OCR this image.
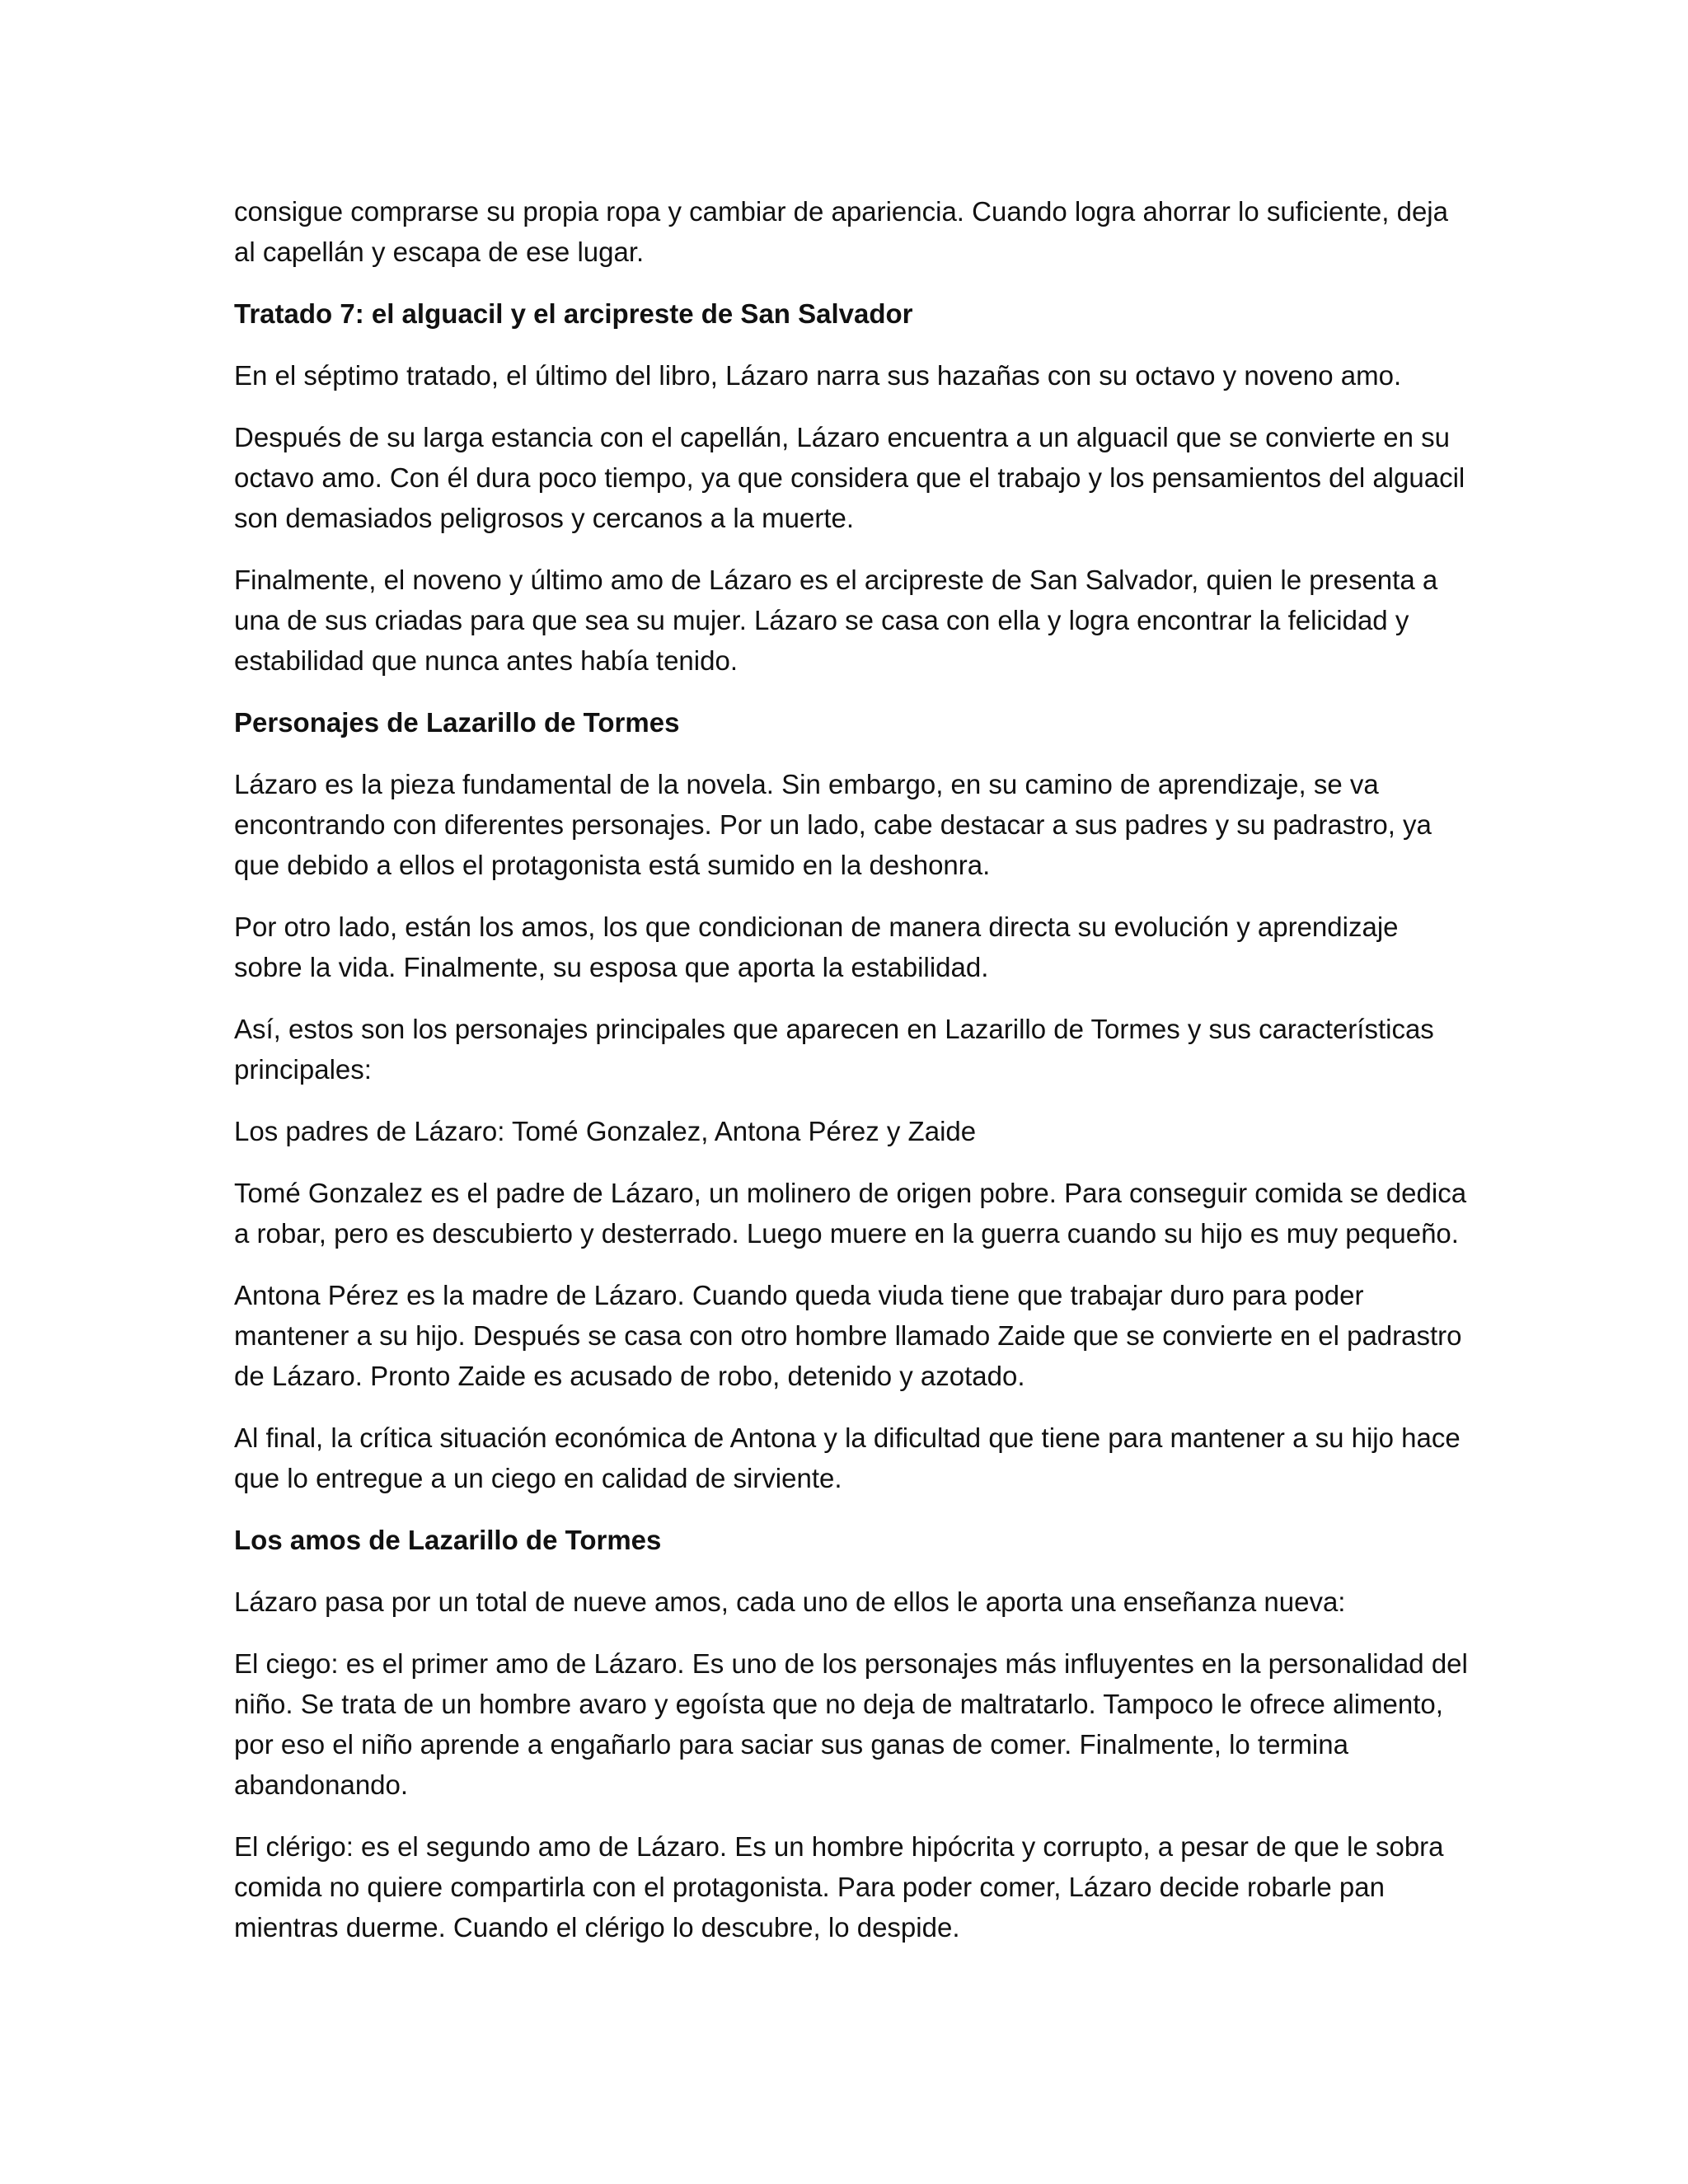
consigue comprarse su propia ropa y cambiar de apariencia. Cuando logra ahorrar lo suficiente, deja al capellán y escapa de ese lugar.

Tratado 7: el alguacil y el arcipreste de San Salvador

En el séptimo tratado, el último del libro, Lázaro narra sus hazañas con su octavo y noveno amo.

Después de su larga estancia con el capellán, Lázaro encuentra a un alguacil que se convierte en su octavo amo. Con él dura poco tiempo, ya que considera que el trabajo y los pensamientos del alguacil son demasiados peligrosos y cercanos a la muerte.

Finalmente, el noveno y último amo de Lázaro es el arcipreste de San Salvador, quien le presenta a una de sus criadas para que sea su mujer. Lázaro se casa con ella y logra encontrar la felicidad y estabilidad que nunca antes había tenido.

Personajes de Lazarillo de Tormes

Lázaro es la pieza fundamental de la novela. Sin embargo, en su camino de aprendizaje, se va encontrando con diferentes personajes. Por un lado, cabe destacar a sus padres y su padrastro, ya que debido a ellos el protagonista está sumido en la deshonra.

Por otro lado, están los amos, los que condicionan de manera directa su evolución y aprendizaje sobre la vida. Finalmente, su esposa que aporta la estabilidad.

Así, estos son los personajes principales que aparecen en Lazarillo de Tormes y sus características principales:

Los padres de Lázaro: Tomé Gonzalez, Antona Pérez y Zaide

Tomé Gonzalez es el padre de Lázaro, un molinero de origen pobre. Para conseguir comida se dedica a robar, pero es descubierto y desterrado. Luego muere en la guerra cuando su hijo es muy pequeño.

Antona Pérez es la madre de Lázaro. Cuando queda viuda tiene que trabajar duro para poder mantener a su hijo. Después se casa con otro hombre llamado Zaide que se convierte en el padrastro de Lázaro. Pronto Zaide es acusado de robo, detenido y azotado.

Al final, la crítica situación económica de Antona y la dificultad que tiene para mantener a su hijo hace que lo entregue a un ciego en calidad de sirviente.

Los amos de Lazarillo de Tormes

Lázaro pasa por un total de nueve amos, cada uno de ellos le aporta una enseñanza nueva:

El ciego: es el primer amo de Lázaro. Es uno de los personajes más influyentes en la personalidad del niño. Se trata de un hombre avaro y egoísta que no deja de maltratarlo. Tampoco le ofrece alimento, por eso el niño aprende a engañarlo para saciar sus ganas de comer. Finalmente, lo termina abandonando.

El clérigo: es el segundo amo de Lázaro. Es un hombre hipócrita y corrupto, a pesar de que le sobra comida no quiere compartirla con el protagonista. Para poder comer, Lázaro decide robarle pan mientras duerme. Cuando el clérigo lo descubre, lo despide.
